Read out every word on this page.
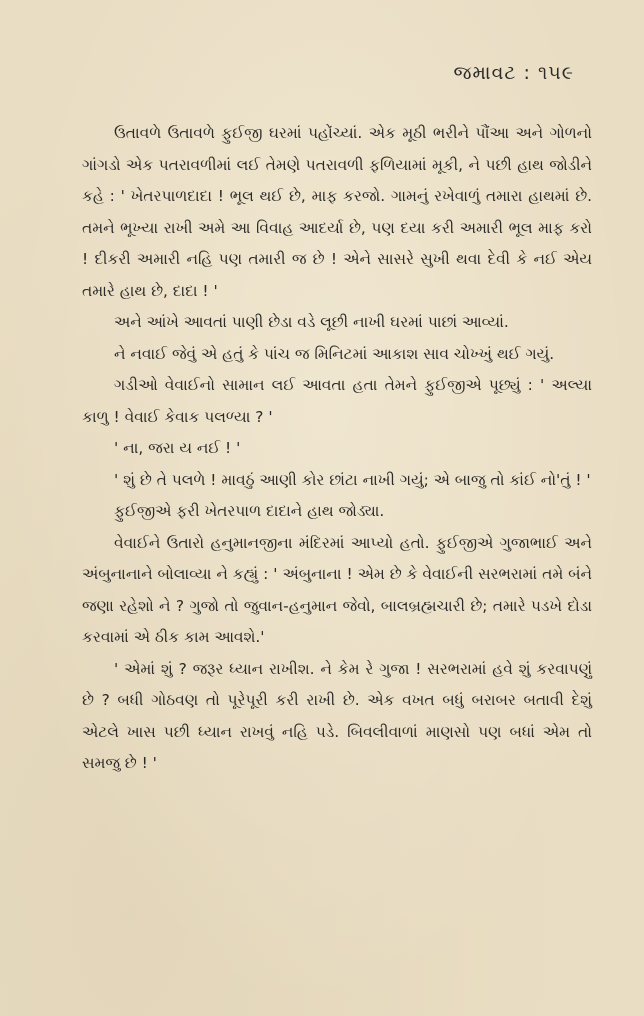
જમાવટ : ૧૫૯

ઉતાવળે ઉતાવળે ફુઈજી ઘરમાં પહોંચ્યાં. એક મૂઠી ભરીને પૌંઆ અને ગોળનો ગાંગડો એક પતરાવળીમાં લઈ તેમણે પતરાવળી ફળિયામાં મૂકી, ને પછી હાથ જોડીને કહે : ' ખેતરપાળદાદા ! ભૂલ થઈ છે, માફ કરજો. ગામનું રખેવાળું તમારા હાથમાં છે. તમને ભૂખ્યા રાખી અમે આ વિવાહ આદર્યા છે, પણ દયા કરી અમારી ભૂલ માફ કરો ! દીકરી અમારી નહિ પણ તમારી જ છે ! એને સાસરે સુખી થવા દેવી કે નઈ એય તમારે હાથ છે, દાદા ! '

અને આંખે આવતાં પાણી છેડા વડે લૂછી નાખી ઘરમાં પાછાં આવ્યાં.

ને નવાઈ જેવું એ હતું કે પાંચ જ મિનિટમાં આકાશ સાવ ચોખ્ખું થઈ ગયું.

ગડીઓ વેવાઈનો સામાન લઈ આવતા હતા તેમને ફુઈજીએ પૂછ્યું : ' અલ્યા કાળુ ! વેવાઈ કેવાક પલળ્યા ? '

' ના, જરા ય નઈ ! '

' શું છે તે પલળે ! માવઠું આણી કોર છાંટા નાખી ગયું; એ બાજુ તો કાંઈ નો'તું ! '

ફુઈજીએ ફરી ખેતરપાળ દાદાને હાથ જોડ્યા.

વેવાઈને ઉતારો હનુમાનજીના મંદિરમાં આપ્યો હતો. ફુઈજીએ ગુજાભાઈ અને અંબુનાનાને બોલાવ્યા ને કહ્યું : ' અંબુનાના ! એમ છે કે વેવાઈની સરભરામાં તમે બંને જણા રહેશો ને ? ગુજો તો જુવાન-હનુમાન જેવો, બાલબ્રહ્મચારી છે; તમારે પડખે દોડા કરવામાં એ ઠીક કામ આવશે.'

' એમાં શું ? જરૂર ધ્યાન રાખીશ. ને કેમ રે ગુજા ! સરભરામાં હવે શું કરવાપણું છે ? બધી ગોઠવણ તો પૂરેપૂરી કરી રાખી છે. એક વખત બધું બરાબર બતાવી દેશું એટલે ખાસ પછી ધ્યાન રાખવું નહિ પડે. બિવલીવાળાં માણસો પણ બધાં એમ તો સમજુ છે ! '
